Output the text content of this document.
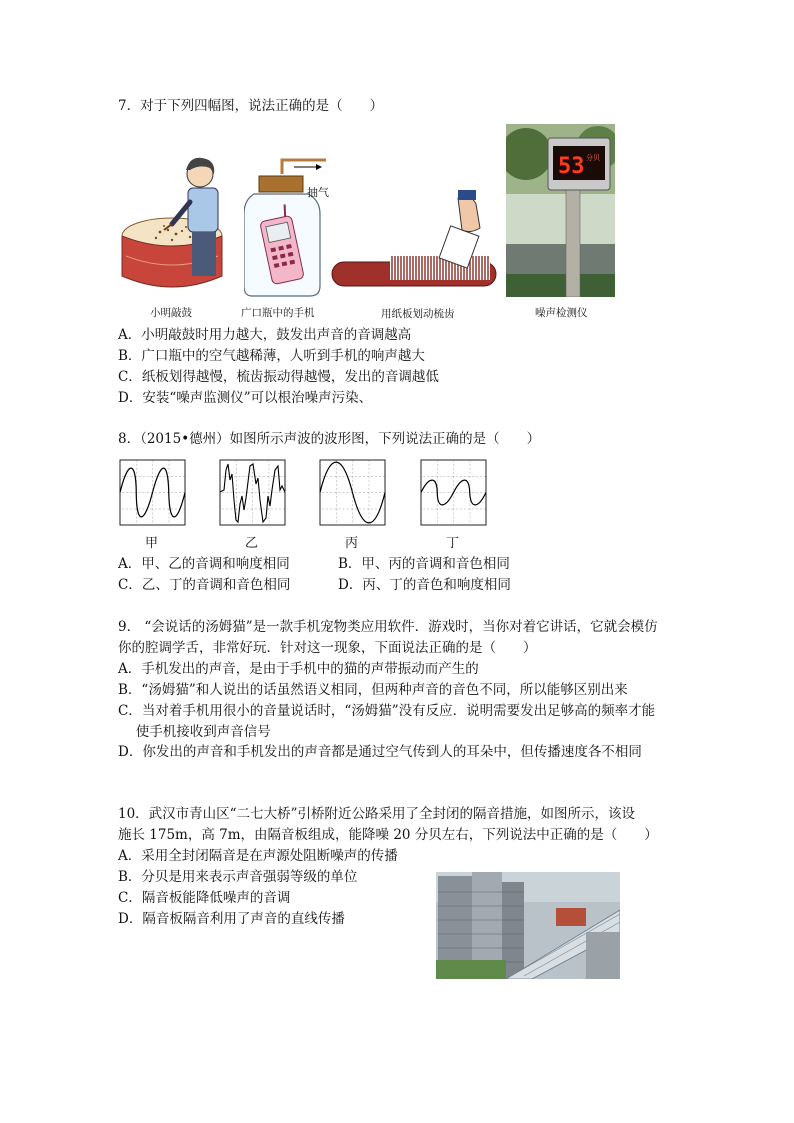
7．对于下列四幅图，说法正确的是（　　）
小明敲鼓
抽气
广口瓶中的手机	用纸板划动梳齿
53 分贝
噪声检测仪
A．小明敲鼓时用力越大，鼓发出声音的音调越高
B．广口瓶中的空气越稀薄，人听到手机的响声越大
C．纸板划得越慢，梳齿振动得越慢，发出的音调越低
D．安装“噪声监测仪”可以根治噪声污染、
8．（2015•德州）如图所示声波的波形图，下列说法正确的是（　　）
甲	乙	丙	丁
A．甲、乙的音调和响度相同	B．甲、丙的音调和音色相同
C．乙、丁的音调和音色相同	D．丙、丁的音色和响度相同
9． “会说话的汤姆猫”是一款手机宠物类应用软件．游戏时，当你对着它讲话，它就会模仿
你的腔调学舌，非常好玩．针对这一现象，下面说法正确的是（　　）
A．手机发出的声音，是由于手机中的猫的声带振动而产生的
B．“汤姆猫”和人说出的话虽然语义相同，但两种声音的音色不同，所以能够区别出来
C．当对着手机用很小的音量说话时，“汤姆猫”没有反应．说明需要发出足够高的频率才能
　 使手机接收到声音信号
D．你发出的声音和手机发出的声音都是通过空气传到人的耳朵中，但传播速度各不相同
10．武汉市青山区“二七大桥”引桥附近公路采用了全封闭的隔音措施，如图所示，该设
施长 175m，高 7m，由隔音板组成，能降噪 20 分贝左右，下列说法中正确的是（　　）
A．采用全封闭隔音是在声源处阻断噪声的传播
B．分贝是用来表示声音强弱等级的单位
C．隔音板能降低噪声的音调
D．隔音板隔音利用了声音的直线传播
